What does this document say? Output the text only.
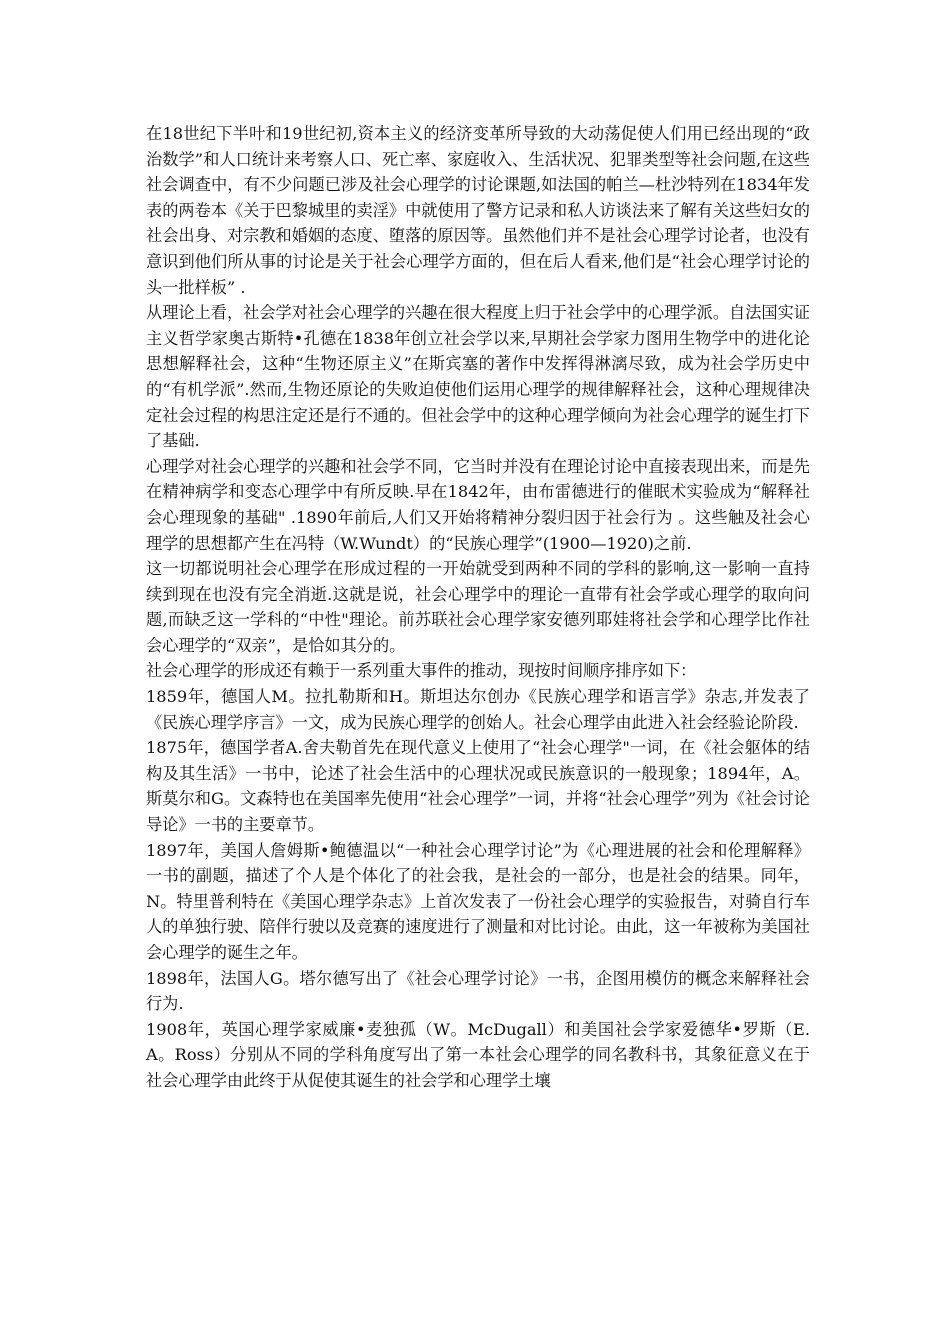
在18世纪下半叶和19世纪初,资本主义的经济变革所导致的大动荡促使人们用已经出现的“政治数学”和人口统计来考察人口、死亡率、家庭收入、生活状况、犯罪类型等社会问题,在这些社会调查中，有不少问题已涉及社会心理学的讨论课题,如法国的帕兰—杜沙特列在1834年发表的两卷本《关于巴黎城里的卖淫》中就使用了警方记录和私人访谈法来了解有关这些妇女的社会出身、对宗教和婚姻的态度、堕落的原因等。虽然他们并不是社会心理学讨论者，也没有意识到他们所从事的讨论是关于社会心理学方面的，但在后人看来,他们是“社会心理学讨论的头一批样板” .

从理论上看，社会学对社会心理学的兴趣在很大程度上归于社会学中的心理学派。自法国实证主义哲学家奥古斯特•孔德在1838年创立社会学以来,早期社会学家力图用生物学中的进化论思想解释社会，这种“生物还原主义”在斯宾塞的著作中发挥得淋漓尽致，成为社会学历史中的“有机学派”.然而,生物还原论的失败迫使他们运用心理学的规律解释社会，这种心理规律决定社会过程的构思注定还是行不通的。但社会学中的这种心理学倾向为社会心理学的诞生打下了基础.

心理学对社会心理学的兴趣和社会学不同，它当时并没有在理论讨论中直接表现出来，而是先在精神病学和变态心理学中有所反映.早在1842年，由布雷德进行的催眠术实验成为“解释社会心理现象的基础" .1890年前后,人们又开始将精神分裂归因于社会行为 。这些触及社会心理学的思想都产生在冯特（W.Wundt）的“民族心理学”(1900—1920)之前.

这一切都说明社会心理学在形成过程的一开始就受到两种不同的学科的影响,这一影响一直持续到现在也没有完全消逝.这就是说，社会心理学中的理论一直带有社会学或心理学的取向问题,而缺乏这一学科的“中性"理论。前苏联社会心理学家安德列耶娃将社会学和心理学比作社会心理学的“双亲”，是恰如其分的。

社会心理学的形成还有赖于一系列重大事件的推动，现按时间顺序排序如下：

1859年，德国人M。拉扎勒斯和H。斯坦达尔创办《民族心理学和语言学》杂志,并发表了《民族心理学序言》一文，成为民族心理学的创始人。社会心理学由此进入社会经验论阶段.

1875年，德国学者A.舍夫勒首先在现代意义上使用了“社会心理学"一词，在《社会躯体的结构及其生活》一书中，论述了社会生活中的心理状况或民族意识的一般现象；1894年，A。斯莫尔和G。文森特也在美国率先使用“社会心理学”一词，并将“社会心理学”列为《社会讨论导论》一书的主要章节。

1897年，美国人詹姆斯•鲍德温以“一种社会心理学讨论”为《心理进展的社会和伦理解释》一书的副题，描述了个人是个体化了的社会我，是社会的一部分，也是社会的结果。同年，N。特里普利特在《美国心理学杂志》上首次发表了一份社会心理学的实验报告，对骑自行车人的单独行驶、陪伴行驶以及竞赛的速度进行了测量和对比讨论。由此，这一年被称为美国社会心理学的诞生之年。

1898年，法国人G。塔尔德写出了《社会心理学讨论》一书，企图用模仿的概念来解释社会行为.

1908年，英国心理学家威廉•麦独孤（W。McDugall）和美国社会学家爱德华•罗斯（E.A。Ross）分别从不同的学科角度写出了第一本社会心理学的同名教科书，其象征意义在于社会心理学由此终于从促使其诞生的社会学和心理学土壤
